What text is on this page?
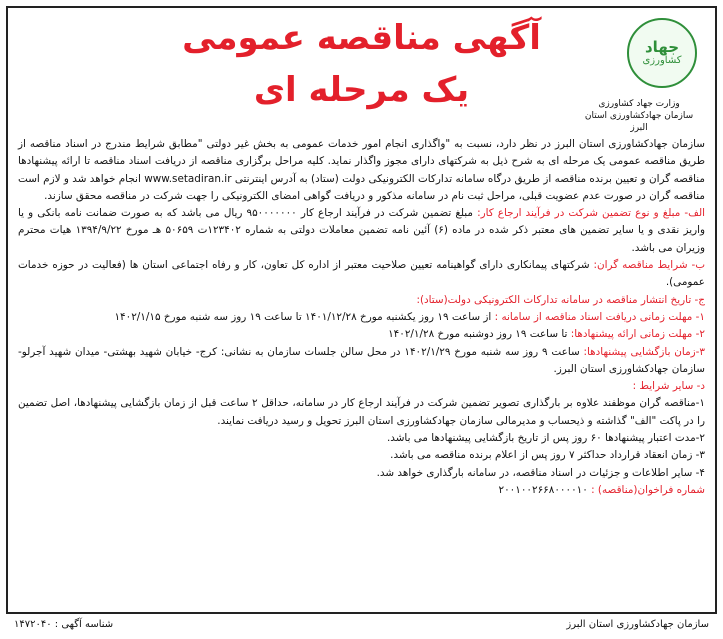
جهاد
کشاورزی
وزارت جهاد کشاورزی
سازمان جهادکشاورزی استان البرز
آگهی مناقصه عمومی
یک مرحله ای

سازمان جهادکشاورزی استان البرز در نظر دارد، نسبت به "واگذاری انجام امور خدمات عمومی به بخش غیر دولتی "مطابق شرایط مندرج در اسناد مناقصه از طریق مناقصه عمومی یک مرحله ای به شرح ذیل به شرکتهای دارای مجوز واگذار نماید. کلیه مراحل برگزاری مناقصه از دریافت اسناد مناقصه تا ارائه پیشنهادها مناقصه گران و تعیین برنده مناقصه از طریق درگاه سامانه تدارکات الکترونیکی دولت (ستاد) به آدرس اینترنتی www.setadiran.ir انجام خواهد شد و لازم است مناقصه گران در صورت عدم عضویت قبلی، مراحل ثبت نام در سامانه مذکور و دریافت گواهی امضای الکترونیکی را جهت شرکت در مناقصه محقق سازند.

الف- مبلغ و نوع تضمین شرکت در فرآیند ارجاع کار: مبلغ تضمین شرکت در فرآیند ارجاع کار ۹۵۰۰۰۰۰۰۰ ریال می باشد که به صورت ضمانت نامه بانکی و یا واریز نقدی و یا سایر تضمین های معتبر ذکر شده در ماده (۶) آئین نامه تضمین معاملات دولتی به شماره ۱۲۳۴۰۲ت ۵۰۶۵۹ هـ مورخ ۱۳۹۴/۹/۲۲ هیات محترم وزیران می باشد.

ب- شرایط مناقصه گران: شرکتهای پیمانکاری دارای گواهینامه تعیین صلاحیت معتبر از اداره کل تعاون، کار و رفاه اجتماعی استان ها (فعالیت در حوزه خدمات عمومی).

ج- تاریخ انتشار مناقصه در سامانه تدارکات الکترونیکی دولت(ستاد):

۱- مهلت زمانی دریافت اسناد مناقصه از سامانه : از ساعت ۱۹ روز یکشنبه مورخ ۱۴۰۱/۱۲/۲۸ تا ساعت ۱۹ روز سه شنبه مورخ ۱۴۰۲/۱/۱۵

۲- مهلت زمانی ارائه پیشنهادها: تا ساعت ۱۹ روز دوشنبه مورخ ۱۴۰۲/۱/۲۸

۳-زمان بازگشایی پیشنهادها: ساعت ۹ روز سه شنبه مورخ ۱۴۰۲/۱/۲۹ در محل سالن جلسات سازمان به نشانی: کرج- خیابان شهید بهشتی- میدان شهید آجرلو- سازمان جهادکشاورزی استان البرز.

د- سایر شرایط :

۱-مناقصه گران موظفند علاوه بر بارگذاری تصویر تضمین شرکت در فرآیند ارجاع کار در سامانه، حداقل ۲ ساعت قبل از زمان بازگشایی پیشنهادها، اصل تضمین را در پاکت "الف" گذاشته و ذیحساب و مدیرمالی سازمان جهادکشاورزی استان البرز تحویل و رسید دریافت نمایند.

۲-مدت اعتبار پیشنهادها ۶۰ روز پس از تاریخ بازگشایی پیشنهادها می باشد.

۳- زمان انعقاد قرارداد حداکثر ۷ روز پس از اعلام برنده مناقصه می باشد.

۴- سایر اطلاعات و جزئیات در اسناد مناقصه، در سامانه بارگذاری خواهد شد.

شماره فراخوان(مناقصه) : ۲۰۰۱۰۰۲۶۶۸۰۰۰۰۱۰

سازمان جهادکشاورزی استان البرز
شناسه آگهی : ۱۴۷۲۰۴۰
